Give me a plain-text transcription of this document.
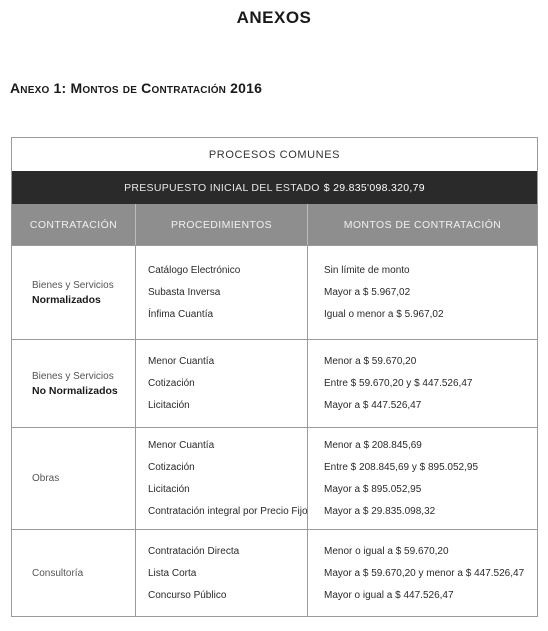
ANEXOS
Anexo 1: Montos de Contratación 2016
PROCESOS COMUNES
PRESUPUESTO INICIAL DEL ESTADO $ 29.835'098.320,79
CONTRATACIÓN	PROCEDIMIENTOS	MONTOS DE CONTRATACIÓN
Bienes y Servicios
Normalizados
Catálogo Electrónico
Subasta Inversa
Ínfima Cuantía
Sin límite de monto
Mayor a $ 5.967,02
Igual o menor a $ 5.967,02
Bienes y Servicios
No Normalizados
Menor Cuantía
Cotización
Licitación
Menor a $ 59.670,20
Entre $ 59.670,20 y $ 447.526,47
Mayor a $ 447.526,47
Obras
Menor Cuantía
Cotización
Licitación
Contratación integral por Precio Fijo
Menor a $ 208.845,69
Entre $ 208.845,69 y $ 895.052,95
Mayor a $ 895.052,95
Mayor a $ 29.835.098,32
Consultoría
Contratación Directa
Lista Corta
Concurso Público
Menor o igual a $ 59.670,20
Mayor a $ 59.670,20 y menor a $ 447.526,47
Mayor o igual a $ 447.526,47
